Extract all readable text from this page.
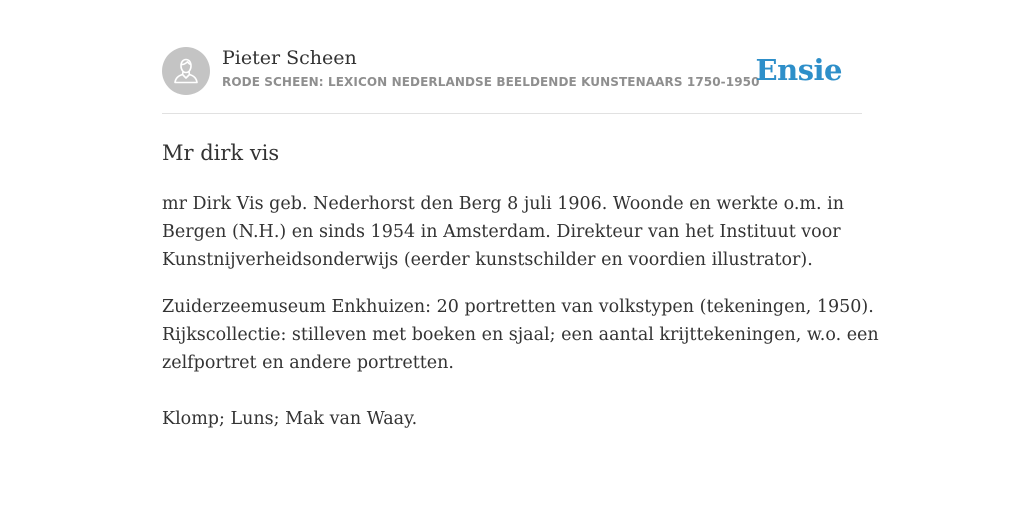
Pieter Scheen
RODE SCHEEN: LEXICON NEDERLANDSE BEELDENDE KUNSTENAARS 1750-1950
Ensie
Mr dirk vis
mr Dirk Vis geb. Nederhorst den Berg 8 juli 1906. Woonde en werkte o.m. in
Bergen (N.H.) en sinds 1954 in Amsterdam. Direkteur van het Instituut voor
Kunstnijverheidsonderwijs (eerder kunstschilder en voordien illustrator).
Zuiderzeemuseum Enkhuizen: 20 portretten van volkstypen (tekeningen, 1950).
Rijkscollectie: stilleven met boeken en sjaal; een aantal krijttekeningen, w.o. een
zelfportret en andere portretten.
Klomp; Luns; Mak van Waay.
